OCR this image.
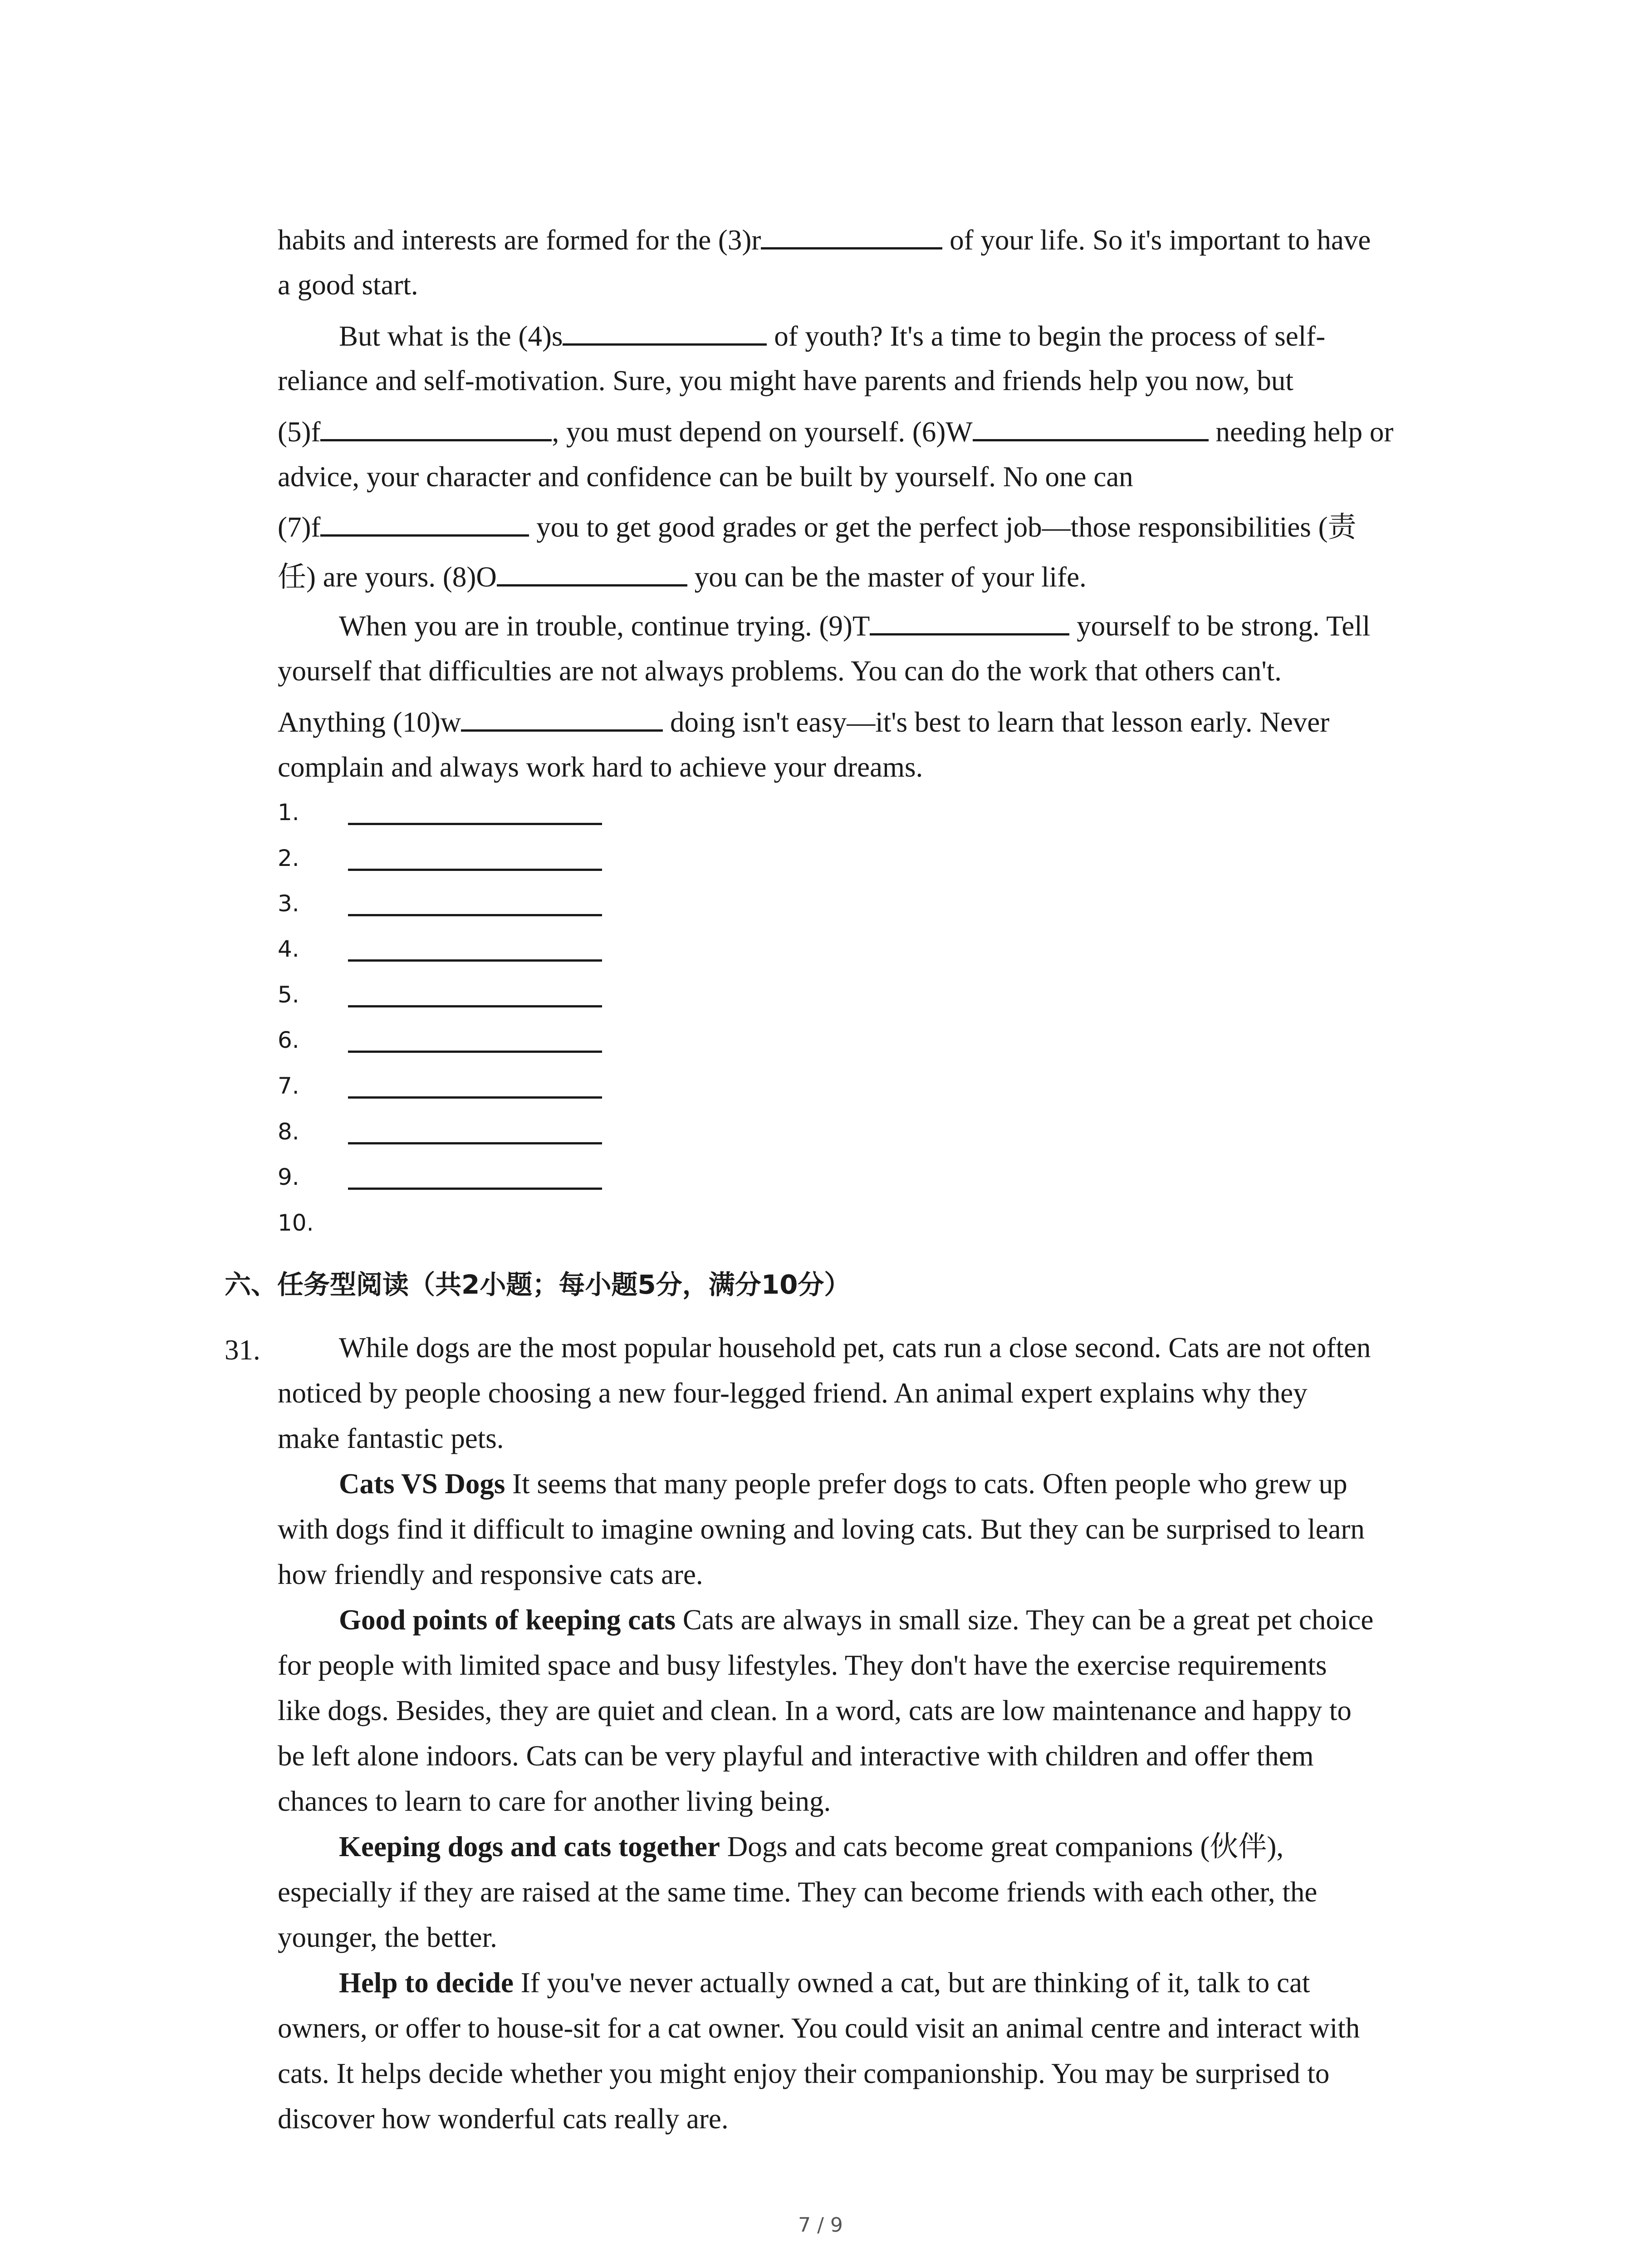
habits and interests are formed for the (3)r	of your life. So it's important to have
a good start.
But what is the (4)s	of youth? It's a time to begin the process of self-
reliance and self-motivation. Sure, you might have parents and friends help you now, but
(5)f	, you must depend on yourself. (6)W	needing help or
advice, your character and confidence can be built by yourself. No one can
(7)f	you to get good grades or get the perfect job—those responsibilities (责
任) are yours. (8)O	you can be the master of your life.
When you are in trouble, continue trying. (9)T	yourself to be strong. Tell
yourself that difficulties are not always problems. You can do the work that others can't.
Anything (10)w	doing isn't easy—it's best to learn that lesson early. Never
complain and always work hard to achieve your dreams.
1.
2.
3.
4.
5.
6.
7.
8.
9.
10.
六、任务型阅读（共2小题；每小题5分，满分10分）
31.	While dogs are the most popular household pet, cats run a close second. Cats are not often
noticed by people choosing a new four-legged friend. An animal expert explains why they
make fantastic pets.
Cats VS Dogs It seems that many people prefer dogs to cats. Often people who grew up
with dogs find it difficult to imagine owning and loving cats. But they can be surprised to learn
how friendly and responsive cats are.
Good points of keeping cats Cats are always in small size. They can be a great pet choice
for people with limited space and busy lifestyles. They don't have the exercise requirements
like dogs. Besides, they are quiet and clean. In a word, cats are low maintenance and happy to
be left alone indoors. Cats can be very playful and interactive with children and offer them
chances to learn to care for another living being.
Keeping dogs and cats together Dogs and cats become great companions (伙伴),
especially if they are raised at the same time. They can become friends with each other, the
younger, the better.
Help to decide If you've never actually owned a cat, but are thinking of it, talk to cat
owners, or offer to house-sit for a cat owner. You could visit an animal centre and interact with
cats. It helps decide whether you might enjoy their companionship. You may be surprised to
discover how wonderful cats really are.
7 / 9
